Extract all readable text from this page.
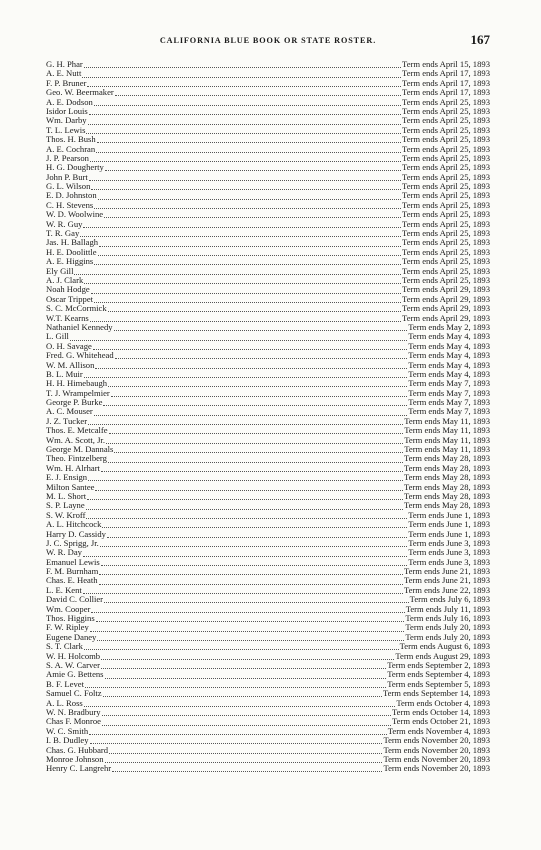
CALIFORNIA BLUE BOOK OR STATE ROSTER.	167
G. H. Phar	Term ends April 15, 1893
A. E. Nutt	Term ends April 17, 1893
F. P. Bruner	Term ends April 17, 1893
Geo. W. Beermaker	Term ends April 17, 1893
A. E. Dodson	Term ends April 25, 1893
Isidor Louis	Term ends April 25, 1893
Wm. Darby	Term ends April 25, 1893
T. L. Lewis	Term ends April 25, 1893
Thos. H. Bush	Term ends April 25, 1893
A. E. Cochran	Term ends April 25, 1893
J. P. Pearson	Term ends April 25, 1893
H. G. Dougherty	Term ends April 25, 1893
John P. Burt	Term ends April 25, 1893
G. L. Wilson	Term ends April 25, 1893
E. D. Johnston	Term ends April 25, 1893
C. H. Stevens	Term ends April 25, 1893
W. D. Woolwine	Term ends April 25, 1893
W. R. Guy	Term ends April 25, 1893
T. R. Gay	Term ends April 25, 1893
Jas. H. Ballagh	Term ends April 25, 1893
H. E. Doolittle	Term ends April 25, 1893
A. E. Higgins	Term ends April 25, 1893
Ely Gill	Term ends April 25, 1893
A. J. Clark	Term ends April 25, 1893
Noah Hodge	Term ends April 29, 1893
Oscar Trippet	Term ends April 29, 1893
S. C. McCormick	Term ends April 29, 1893
W.T. Kearns	Term ends April 29, 1893
Nathaniel Kennedy	Term ends May 2, 1893
L. Gill	Term ends May 4, 1893
O. H. Savage	Term ends May 4, 1893
Fred. G. Whitehead	Term ends May 4, 1893
W. M. Allison	Term ends May 4, 1893
B. L. Muir	Term ends May 4, 1893
H. H. Himebaugh	Term ends May 7, 1893
T. J. Wrampelmier	Term ends May 7, 1893
George P. Burke	Term ends May 7, 1893
A. C. Mouser	Term ends May 7, 1893
J. Z. Tucker	Term ends May 11, 1893
Thos. E. Metcalfe	Term ends May 11, 1893
Wm. A. Scott, Jr.	Term ends May 11, 1893
George M. Dannals	Term ends May 11, 1893
Theo. Fintzelberg	Term ends May 28, 1893
Wm. H. Alrhart	Term ends May 28, 1893
E. J. Ensign	Term ends May 28, 1893
Milton Santee	Term ends May 28, 1893
M. L. Short	Term ends May 28, 1893
S. P. Layne	Term ends May 28, 1893
S. W. Kroff	Term ends June 1, 1893
A. L. Hitchcock	Term ends June 1, 1893
Harry D. Cassidy	Term ends June 1, 1893
J. C. Sprigg, Jr.	Term ends June 3, 1893
W. R. Day	Term ends June 3, 1893
Emanuel Lewis	Term ends June 3, 1893
F. M. Burnham	Term ends June 21, 1893
Chas. E. Heath	Term ends June 21, 1893
L. E. Kent	Term ends June 22, 1893
David C. Collier	Term ends July 6, 1893
Wm. Cooper	Term ends July 11, 1893
Thos. Higgins	Term ends July 16, 1893
F. W. Ripley	Term ends July 20, 1893
Eugene Daney	Term ends July 20, 1893
S. T. Clark	Term ends August 6, 1893
W. H. Holcomb	Term ends August 29, 1893
S. A. W. Carver	Term ends September 2, 1893
Amie G. Bettens	Term ends September 4, 1893
B. F. Levet	Term ends September 5, 1893
Samuel C. Foltz	Term ends September 14, 1893
A. L. Ross	Term ends October 4, 1893
W. N. Bradbury	Term ends October 14, 1893
Chas F. Monroe	Term ends October 21, 1893
W. C. Smith	Term ends November 4, 1893
I. B. Dudley	Term ends November 20, 1893
Chas. G. Hubbard	Term ends November 20, 1893
Monroe Johnson	Term ends November 20, 1893
Henry C. Langrehr	Term ends November 20, 1893
